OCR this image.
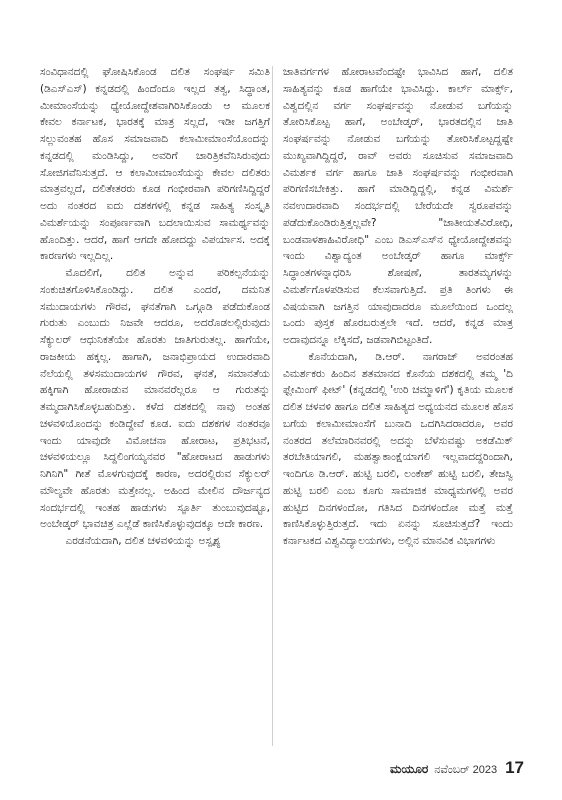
ಸಂವಿಧಾನದಲ್ಲಿ ಘೋಷಿಸಿಕೊಂಡ ದಲಿತ ಸಂಘರ್ಷ ಸಮಿತಿ (ಡಿಎಸ್ಎಸ್) ಕನ್ನಡದಲ್ಲಿ ಹಿಂದೆಂದೂ ಇಲ್ಲದ ತತ್ವ, ಸಿದ್ಧಾಂತ, ಮೀಮಾಂಸೆಯನ್ನು ಧ್ಯೇಯೋದ್ದೇಶವಾಗಿರಿಸಿಕೊಂಡು ಆ ಮೂಲಕ ಕೇವಲ ಕರ್ನಾಟಕ, ಭಾರತಕ್ಕೆ ಮಾತ್ರ ಸಲ್ಲದೆ, ಇಡೀ ಜಗತ್ತಿಗೆ ಸಲ್ಲುವಂತಹ ಹೊಸ ಸಮಾಜವಾದಿ ಕಲಾಮೀಮಾಂಸೆಯೊಂದನ್ನು ಕನ್ನಡದಲ್ಲಿ ಮಂಡಿಸಿದ್ದು, ಅವರಿಗೆ ಚಾರಿತ್ರಿಕವೆನಿಸಿರುವುದು ಸೋಜಿಗವೆನಿಸುತ್ತದೆ. ಆ ಕಲಾಮೀಮಾಂಸೆಯನ್ನು ಕೇವಲ ದಲಿತರು ಮಾತ್ರವಲ್ಲದೆ, ದಲಿತೇತರರು ಕೂಡ ಗಂಭೀರವಾಗಿ ಪರಿಗಣಿಸಿದ್ದಿದ್ದರೆ ಅದು ನಂತರದ ಐದು ದಶಕಗಳಲ್ಲಿ ಕನ್ನಡ ಸಾಹಿತ್ಯ ಸಂಸ್ಕೃತಿ ವಿಮರ್ಶೆಯನ್ನು ಸಂಪೂರ್ಣವಾಗಿ ಬದಲಾಯಿಸುವ ಸಾಮರ್ಥ್ಯವನ್ನು ಹೊಂದಿತ್ತು. ಆದರೆ, ಹಾಗೆ ಆಗದೇ ಹೋದದ್ದು ವಿಪರ್ಯಾಸ. ಅದಕ್ಕೆ ಕಾರಣಗಳು ಇಲ್ಲದಿಲ್ಲ.

ಮೊದಲಿಗೆ, ದಲಿತ ಅನ್ನುವ ಪರಿಕಲ್ಪನೆಯನ್ನು ಸಂಕುಚಿತಗೊಳಿಸಿಕೊಂಡಿದ್ದು. ದಲಿತ ಎಂದರೆ, ದಮನಿತ ಸಮುದಾಯಗಳು ಗೌರವ, ಘನತೆಗಾಗಿ ಒಗ್ಗೂಡಿ ಪಡೆದುಕೊಂಡ ಗುರುತು ಎಂಬುದು ನಿಜವೇ ಆದರೂ, ಅದರೊಡಲಲ್ಲಿರುವುದು ಸೆಕ್ಯುಲರ್ ಆಧುನಿಕತೆಯೇ ಹೊರತು ಜಾತಿಗುರುತಲ್ಲ. ಹಾಗೆಯೇ, ರಾಜಕೀಯ ಹಕ್ಕಲ್ಲ. ಹಾಗಾಗಿ, ಜನಾಭಿಪ್ರಾಯದ ಉದಾರವಾದಿ ನೆಲೆಯಲ್ಲಿ ತಳಸಮುದಾಯಗಳ ಗೌರವ, ಘನತೆ, ಸಮಾನತೆಯ ಹಕ್ಕಿಗಾಗಿ ಹೋರಾಡುವ ಮಾನವರೆಲ್ಲರೂ ಆ ಗುರುತನ್ನು ತಮ್ಮದಾಗಿಸಿಕೊಳ್ಳಬಹುದಿತ್ತು. ಕಳೆದ ದಶಕದಲ್ಲಿ ನಾವು ಅಂತಹ ಚಳವಳಿಯೊಂದನ್ನು ಕಂಡಿದ್ದೇವೆ ಕೂಡ. ಐದು ದಶಕಗಳ ನಂತರವೂ ಇಂದು ಯಾವುದೇ ವಿಮೋಚನಾ ಹೋರಾಟ, ಪ್ರತಿಭಟನೆ, ಚಳವಳಿಯಲ್ಲೂ ಸಿದ್ದಲಿಂಗಯ್ಯನವರ "ಹೋರಾಟದ ಹಾಡುಗಳು ನಿಗಿನಿಗಿ" ಗೀತೆ ಮೊಳಗುವುದಕ್ಕೆ ಕಾರಣ, ಅದರಲ್ಲಿರುವ ಸೆಕ್ಯುಲರ್ ಮೌಲ್ಯವೇ ಹೊರತು ಮತ್ತೇನಲ್ಲ. ಅಹಿಂದ ಮೇಲಿನ ದೌರ್ಜನ್ಯದ ಸಂದರ್ಭದಲ್ಲಿ ಇಂತಹ ಹಾಡುಗಳು ಸ್ಫೂರ್ತಿ ತುಂಬುವುದಷ್ಟೂ, ಅಂಬೇಡ್ಕರ್ ಭಾವಚಿತ್ರ ಎಲ್ಲೆಡೆ ಕಾಣಿಸಿಕೊಳ್ಳುವುದಕ್ಕೂ ಅದೇ ಕಾರಣ.

ಎರಡನೆಯದಾಗಿ, ದಲಿತ ಚಳವಳಿಯನ್ನು ಅಸ್ಪೃಶ್ಯ

ಜಾತಿವರ್ಗಗಳ ಹೋರಾಟವೆಂದಷ್ಟೇ ಭಾವಿಸಿದ ಹಾಗೆ, ದಲಿತ ಸಾಹಿತ್ಯವನ್ನು ಕೂಡ ಹಾಗೆಯೇ ಭಾವಿಸಿದ್ದು. ಕಾರ್ಲ್ ಮಾರ್ಕ್ಸ್, ವಿಶ್ವದಲ್ಲಿನ ವರ್ಗ ಸಂಘರ್ಷವನ್ನು ನೋಡುವ ಬಗೆಯನ್ನು ತೋರಿಸಿಕೊಟ್ಟ ಹಾಗೆ, ಅಂಬೇಡ್ಕರ್, ಭಾರತದಲ್ಲಿನ ಜಾತಿ ಸಂಘರ್ಷವನ್ನು ನೋಡುವ ಬಗೆಯನ್ನು ತೋರಿಸಿಕೊಟ್ಟದ್ದಷ್ಟೇ ಮುಖ್ಯವಾಗಿದ್ದಿದ್ದರೆ, ರಾವ್ ಅವರು ಸೂಚಿಸುವ ಸಮಾಜವಾದಿ ವಿಮರ್ಶಕ ವರ್ಗ ಹಾಗೂ ಜಾತಿ ಸಂಘರ್ಷವನ್ನು ಗಂಭೀರವಾಗಿ ಪರಿಗಣಿಸಬೇಕಿತ್ತು. ಹಾಗೆ ಮಾಡಿದ್ದಿದ್ದಲ್ಲಿ, ಕನ್ನಡ ವಿಮರ್ಶೆ ನವಉದಾರವಾದಿ ಸಂದರ್ಭದಲ್ಲಿ ಬೇರೆಯದೇ ಸ್ವರೂಪವನ್ನು ಪಡೆದುಕೊಂಡಿರುತ್ತಿತ್ತಲ್ಲವೇ? "ಜಾತೀಯತೆವಿರೋಧಿ, ಬಂಡವಾಳಶಾಹಿವಿರೋಧಿ" ಎಂಬ ಡಿಎಸ್ಎಸ್‌ನ ಧ್ಯೇಯೋದ್ದೇಶವನ್ನು ಇಂದು ವಿಶ್ವಾದ್ಯಂತ ಅಂಬೇಡ್ಕರ್ ಹಾಗೂ ಮಾರ್ಕ್ಸ್ ಸಿದ್ಧಾಂತಗಳನ್ನಾಧರಿಸಿ ಶೋಷಣೆ, ತಾರತಮ್ಯಗಳನ್ನು ವಿಮರ್ಶೆಗೊಳಪಡಿಸುವ ಕೆಲಸವಾಗುತ್ತಿದೆ. ಪ್ರತಿ ತಿಂಗಳು ಈ ವಿಷಯವಾಗಿ ಜಗತ್ತಿನ ಯಾವುದಾದರೂ ಮೂಲೆಯಿಂದ ಒಂದಲ್ಲ ಒಂದು ಪುಸ್ತಕ ಹೊರಬರುತ್ತಲೇ ಇದೆ. ಆದರೆ, ಕನ್ನಡ ಮಾತ್ರ ಅದಾವುದನ್ನೂ ಲೆಕ್ಕಿಸದೆ, ಜಡವಾಗಿಬಿಟ್ಟಂತಿದೆ.

ಕೊನೆಯದಾಗಿ, ಡಿ.ಆರ್. ನಾಗರಾಜ್ ಅವರಂತಹ ವಿಮರ್ಶಕರು ಹಿಂದಿನ ಶತಮಾನದ ಕೊನೆಯ ದಶಕದಲ್ಲಿ ತಮ್ಮ 'ದಿ ಫ್ಲೇಮಿಂಗ್ ಫೀಟ್' (ಕನ್ನಡದಲ್ಲಿ 'ಉರಿ ಚಮ್ಮಾಳಿಗೆ') ಕೃತಿಯ ಮೂಲಕ ದಲಿತ ಚಳವಳಿ ಹಾಗೂ ದಲಿತ ಸಾಹಿತ್ಯದ ಅಧ್ಯಯನದ ಮೂಲಕ ಹೊಸ ಬಗೆಯ ಕಲಾಮೀಮಾಂಸೆಗೆ ಬುನಾದಿ ಒದಗಿಸಿದರಾದರೂ, ಅವರ ನಂತರದ ತಲೆಮಾರಿನವರಲ್ಲಿ ಅದನ್ನು ಬೆಳೆಸುವಷ್ಟು ಅಕಡೆಮಿಕ್ ತರಬೇತಿಯಾಗಲಿ, ಮಹತ್ವಾಕಾಂಕ್ಷೆಯಾಗಲಿ ಇಲ್ಲವಾದದ್ದರಿಂದಾಗಿ, ಇಂದಿಗೂ ಡಿ.ಆರ್. ಹುಟ್ಟಿ ಬರಲಿ, ಲಂಕೇಶ್ ಹುಟ್ಟಿ ಬರಲಿ, ತೇಜಸ್ವಿ ಹುಟ್ಟಿ ಬರಲಿ ಎಂಬ ಕೂಗು ಸಾಮಾಜಿಕ ಮಾಧ್ಯಮಗಳಲ್ಲಿ ಅವರ ಹುಟ್ಟಿದ ದಿನಗಳಂದೋ, ಗತಿಸಿದ ದಿನಗಳಂದೋ ಮತ್ತೆ ಮತ್ತೆ ಕಾಣಿಸಿಕೊಳ್ಳುತ್ತಿರುತ್ತದೆ. ಇದು ಏನನ್ನು ಸೂಚಿಸುತ್ತದೆ? ಇಂದು ಕರ್ನಾಟಕದ ವಿಶ್ವವಿದ್ಯಾಲಯಗಳು, ಅಲ್ಲಿನ ಮಾನವಿಕ ವಿಭಾಗಗಳು

ಮಯೂರ ನವೆಂಬರ್ 2023 17
